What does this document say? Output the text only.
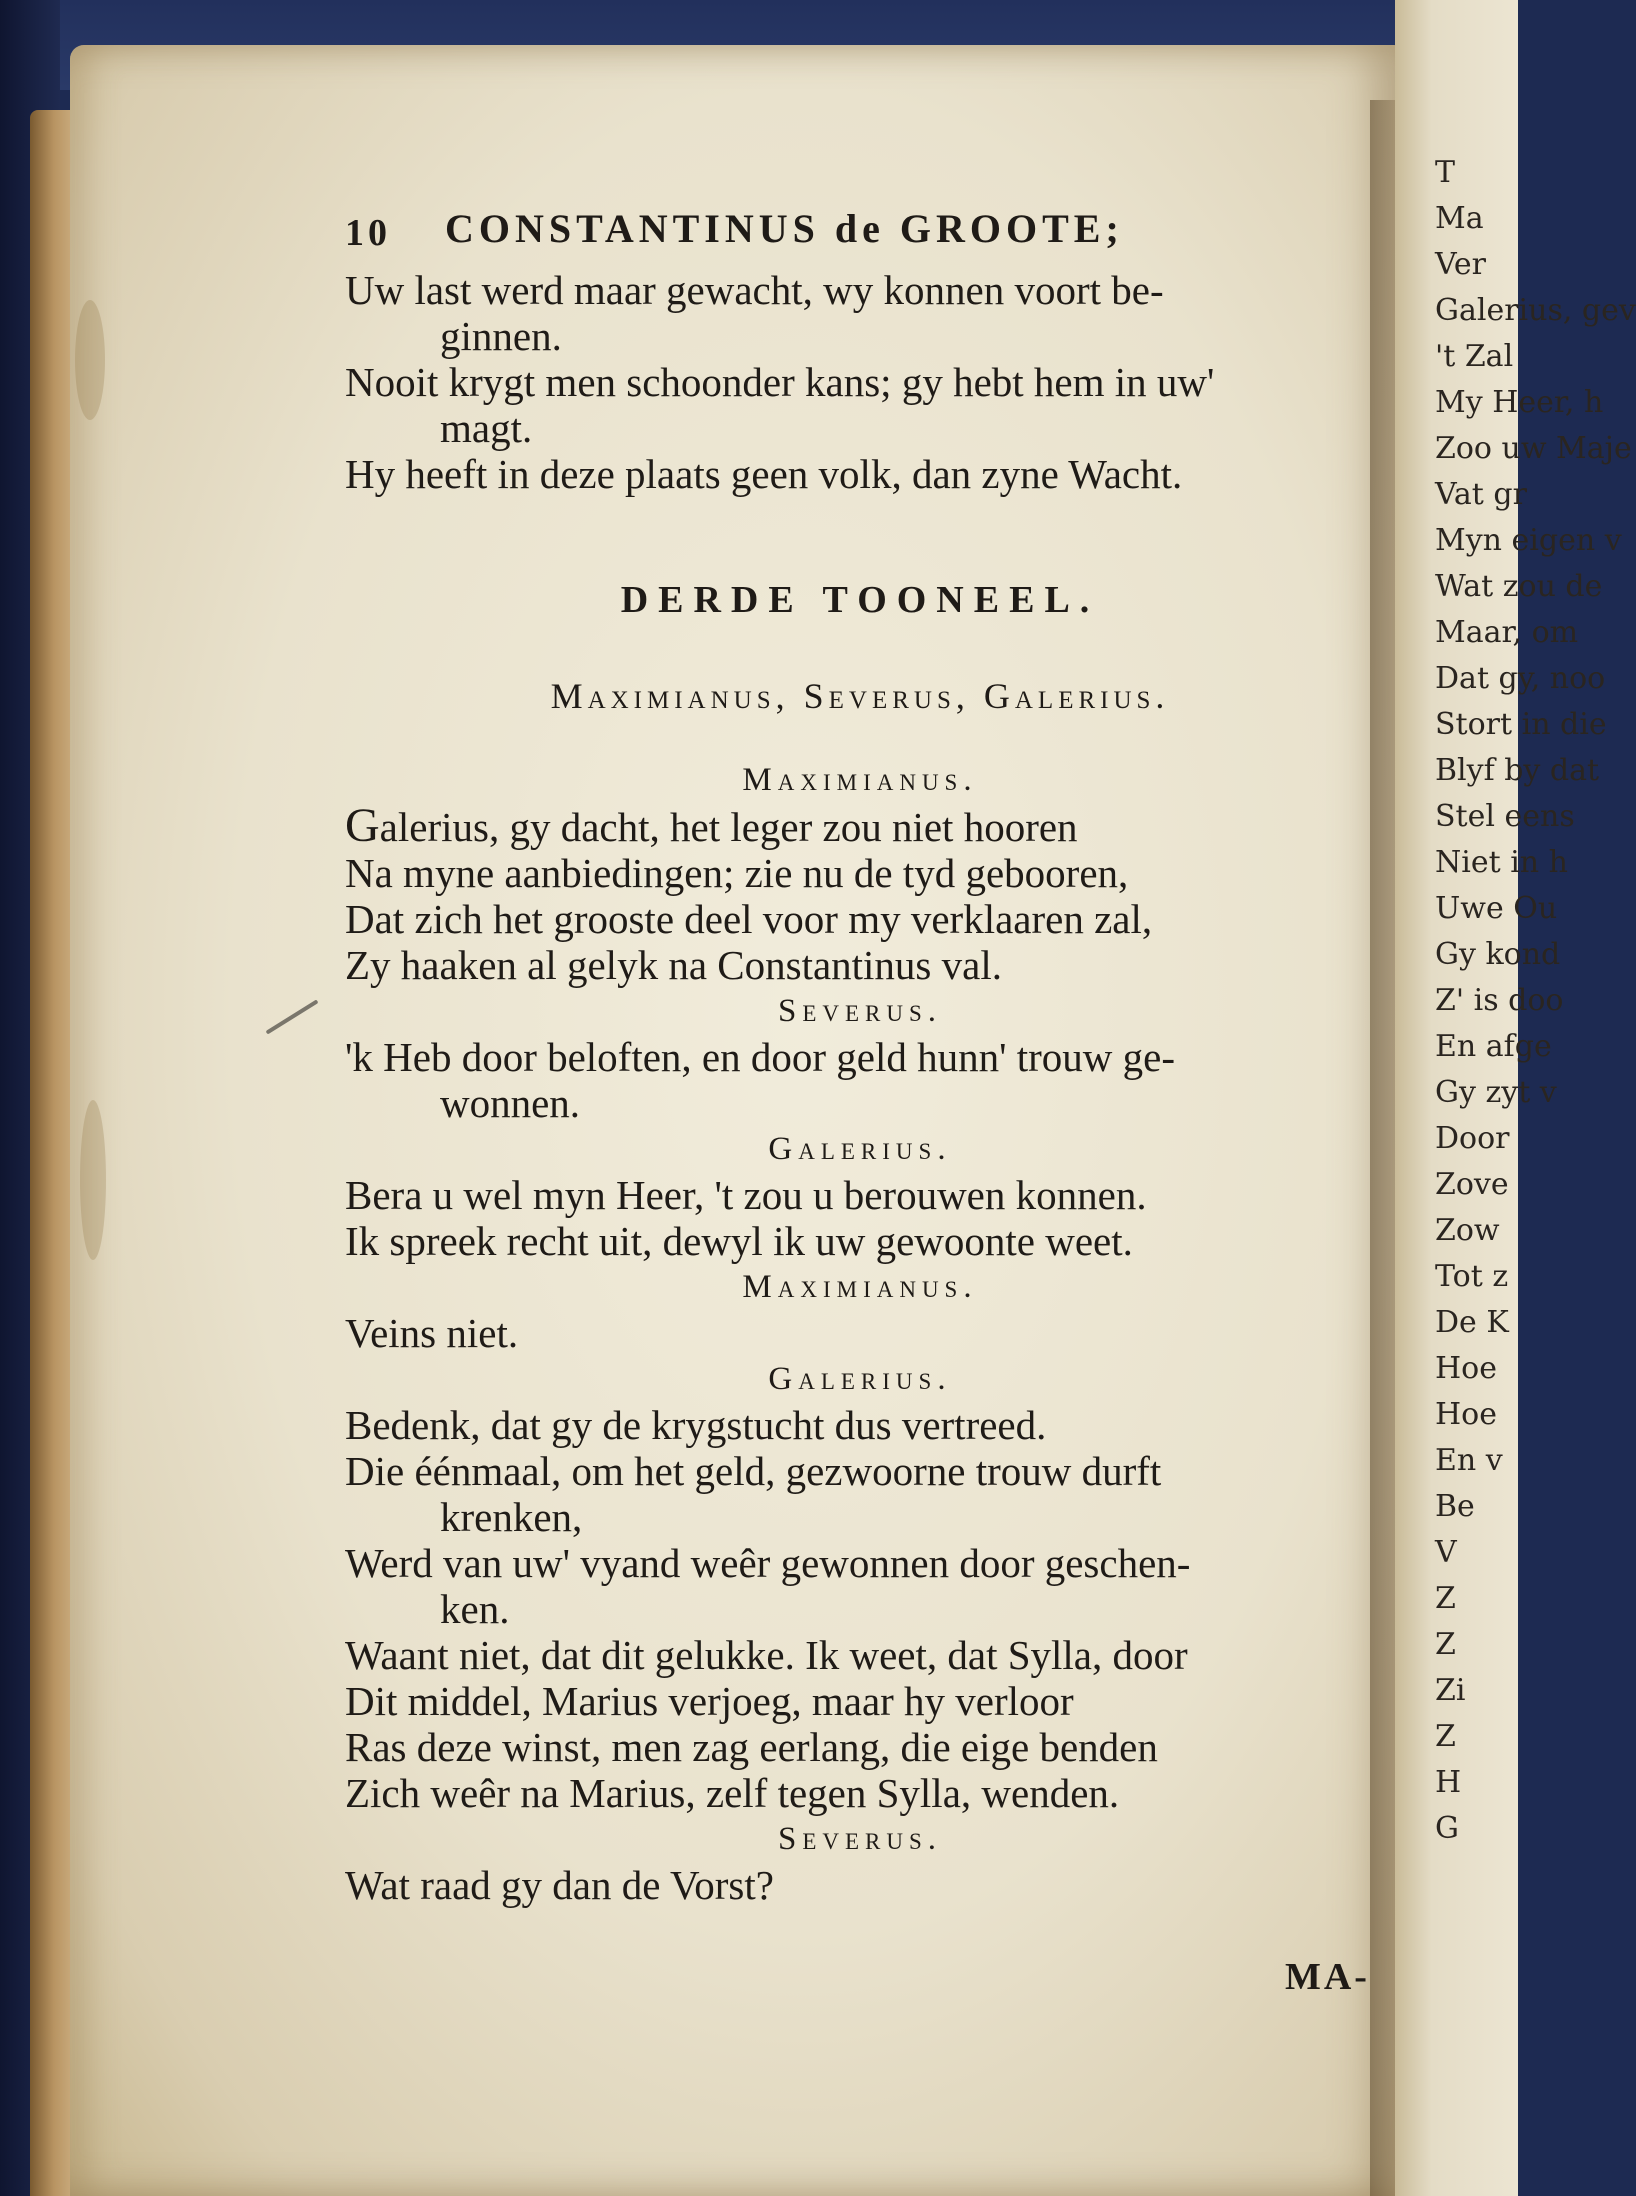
T
Ma
Ver
Galerius, gev
't Zal
My Heer, h
Zoo uw Maje
Vat gr
Myn eigen v
Wat zou de
Maar, om
Dat gy, noo
Stort in die
Blyf by dat
Stel eens
Niet in h
Uwe Ou
Gy kond
Z' is doo
En afge
Gy zyt v
Door
Zove
Zow
Tot z
De K
Hoe
Hoe
En v
Be
V
Z
Z
Zi
Z
H
G
10 CONSTANTINUS de GROOTE;
Uw last werd maar gewacht, wy konnen voort be-
ginnen.
Nooit krygt men schoonder kans; gy hebt hem in uw'
magt.
Hy heeft in deze plaats geen volk, dan zyne Wacht.
DERDE TOONEEL.
Maximianus, Severus, Galerius.
Maximianus.
Galerius, gy dacht, het leger zou niet hooren
Na myne aanbiedingen; zie nu de tyd gebooren,
Dat zich het grooste deel voor my verklaaren zal,
Zy haaken al gelyk na Constantinus val.
Severus.
'k Heb door beloften, en door geld hunn' trouw ge-
wonnen.
Galerius.
Bera u wel myn Heer, 't zou u berouwen konnen.
Ik spreek recht uit, dewyl ik uw gewoonte weet.
Maximianus.
Veins niet.
Galerius.
Bedenk, dat gy de krygstucht dus vertreed.
Die éénmaal, om het geld, gezwoorne trouw durft
krenken,
Werd van uw' vyand weêr gewonnen door geschen-
ken.
Waant niet, dat dit gelukke. Ik weet, dat Sylla, door
Dit middel, Marius verjoeg, maar hy verloor
Ras deze winst, men zag eerlang, die eige benden
Zich weêr na Marius, zelf tegen Sylla, wenden.
Severus.
Wat raad gy dan de Vorst?
MA-
